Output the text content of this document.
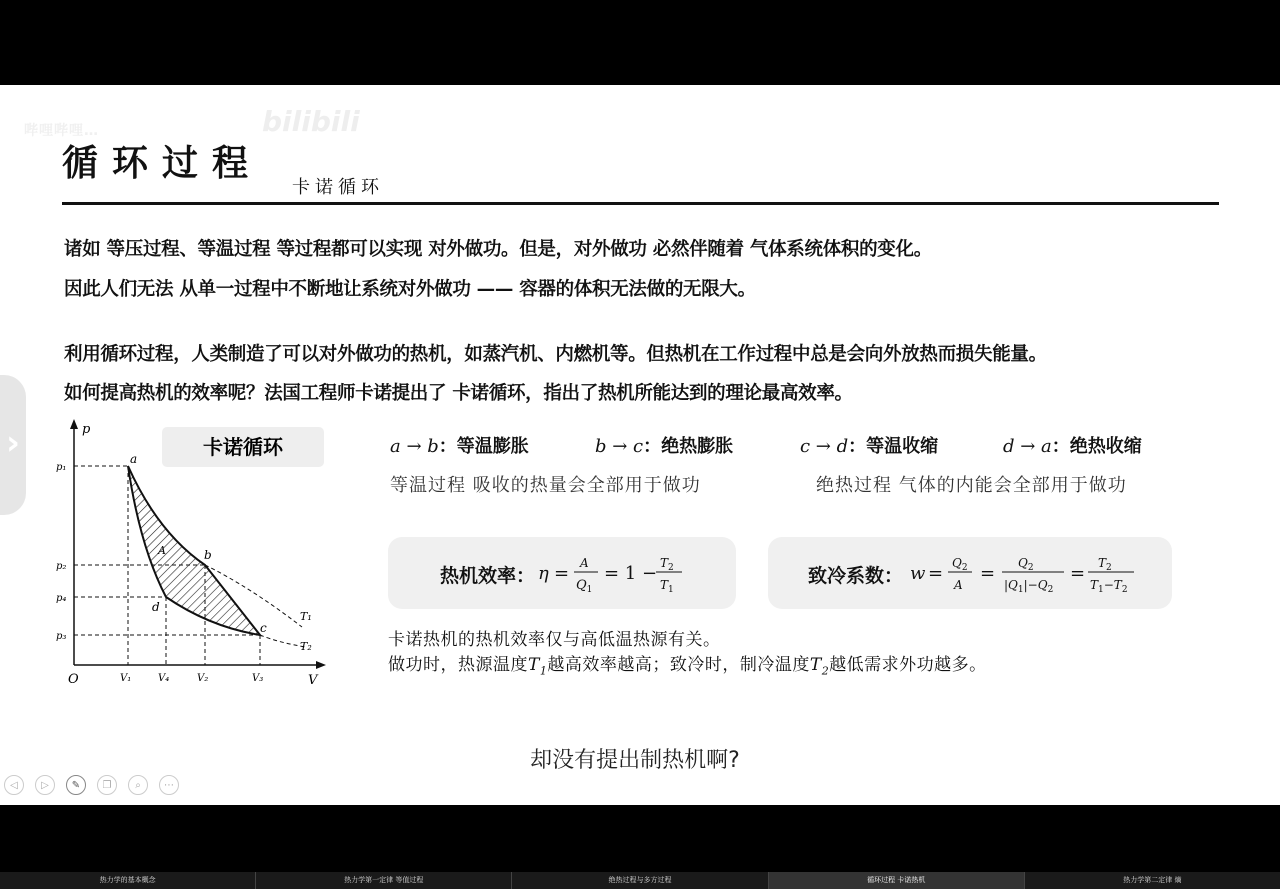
哔哩哔哩…	bilibili
循环过程
卡诺循环
诸如 等压过程、等温过程 等过程都可以实现 对外做功。但是，对外做功 必然伴随着 气体系统体积的变化。
因此人们无法 从单一过程中不断地让系统对外做功 —— 容器的体积无法做的无限大。
利用循环过程，人类制造了可以对外做功的热机，如蒸汽机、内燃机等。但热机在工作过程中总是会向外放热而损失能量。
如何提高热机的效率呢？法国工程师卡诺提出了 卡诺循环，指出了热机所能达到的理论最高效率。
›	p
V
O
a
b
c
d
A
p₁
p₂
p₄
p₃
V₁	V₄	V₂	V₃
T₁
T₂
卡诺循环	a → b：等温膨胀	b → c：绝热膨胀	c → d：等温收缩	d → a：绝热收缩
等温过程 吸收的热量会全部用于做功	绝热过程 气体的内能会全部用于做功
热机效率： η = A
$Q_1$
= $1 - T_2$
$T_1$
致冷系数： $w = Q_2$
A
= $Q_2$
$|Q_1|-Q_2$
= $T_2$
$T_1-T_2$
卡诺热机的热机效率仅与高低温热源有关。
做功时，热源温度$T_1$越高效率越高；致冷时，制冷温度$T_2$越低需求外功越多。
却没有提出制热机啊?
◁	▷	✎	❐	⌕	⋯
热力学的基本概念	热力学第一定律 等值过程	绝热过程与多方过程	循环过程 卡诺热机	热力学第二定律 熵
